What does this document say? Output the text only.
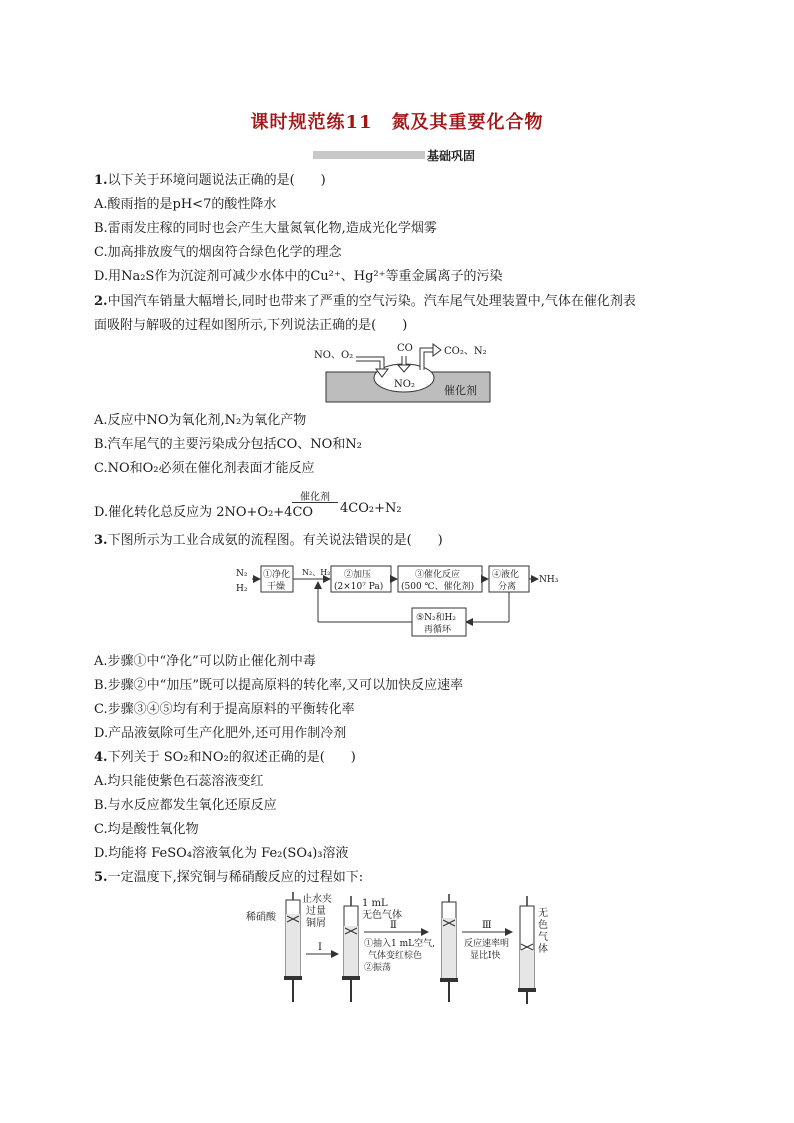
课时规范练11　氮及其重要化合物
基础巩固

1.以下关于环境问题说法正确的是(　　)

A.酸雨指的是pH<7的酸性降水

B.雷雨发庄稼的同时也会产生大量氮氧化物,造成光化学烟雾

C.加高排放废气的烟囱符合绿色化学的理念

D.用Na₂S作为沉淀剂可减少水体中的Cu²⁺、Hg²⁺等重金属离子的污染

2.中国汽车销量大幅增长,同时也带来了严重的空气污染。汽车尾气处理装置中,气体在催化剂表

面吸附与解吸的过程如图所示,下列说法正确的是(　　)

NO、O₂
CO	CO₂、N₂
NO₂	催化剂

A.反应中NO为氧化剂,N₂为氧化产物

B.汽车尾气的主要污染成分包括CO、NO和N₂

C.NO和O₂必须在催化剂表面才能反应

D.催化转化总反应为 2NO+O₂+4CO
催化剂
4CO₂+N₂

3.下图所示为工业合成氨的流程图。有关说法错误的是(　　)

N₂
H₂
①净化
干燥
N₂、H₂ ②加压
(2×10⁷ Pa)
③催化反应
(500 ℃、催化剂)
④液化
分离
NH₃
⑤N₂和H₂
再循环

A.步骤①中“净化”可以防止催化剂中毒

B.步骤②中“加压”既可以提高原料的转化率,又可以加快反应速率

C.步骤③④⑤均有利于提高原料的平衡转化率

D.产品液氨除可生产化肥外,还可用作制冷剂

4.下列关于 SO₂和NO₂的叙述正确的是(　　)

A.均只能使紫色石蕊溶液变红

B.与水反应都发生氧化还原反应

C.均是酸性氧化物

D.均能将 FeSO₄溶液氧化为 Fe₂(SO₄)₃溶液

5.一定温度下,探究铜与稀硝酸反应的过程如下:

稀硝酸
止水夹
过量
铜屑
Ⅰ
1 mL
无色气体
Ⅱ
①抽入1 mL空气,
气体变红棕色
②振荡
Ⅲ
反应速率明
显比Ⅰ快
无
色
气
体
